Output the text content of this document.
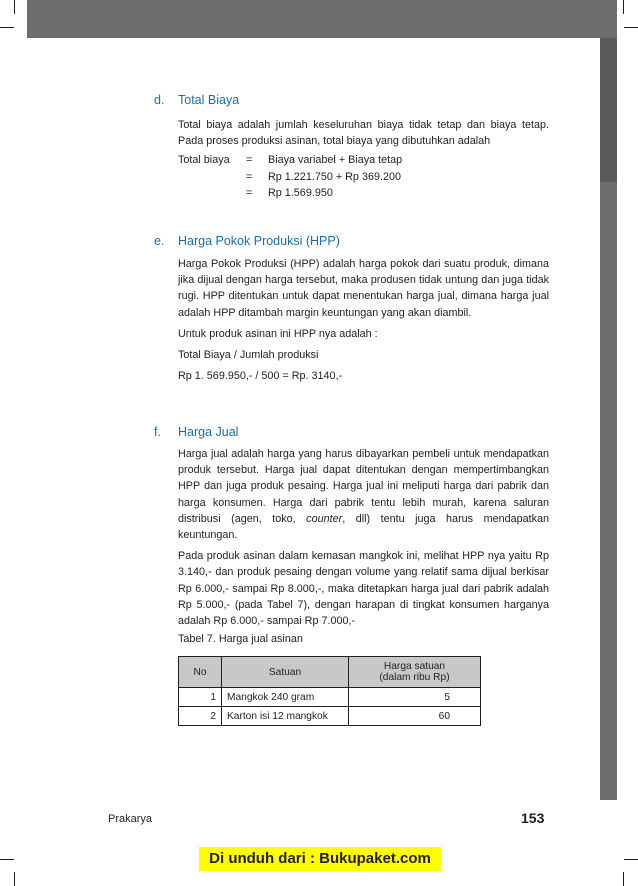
d. Total Biaya

Total biaya adalah jumlah keseluruhan biaya tidak tetap dan biaya tetap. Pada proses produksi asinan, total biaya yang dibutuhkan adalah

Total biaya	=	Biaya variabel + Biaya tetap
=	Rp 1.221.750 + Rp 369.200
=	Rp 1.569.950
e. Harga Pokok Produksi (HPP)

Harga Pokok Produksi (HPP) adalah harga pokok dari suatu produk, dimana jika dijual dengan harga tersebut, maka produsen tidak untung dan juga tidak rugi. HPP ditentukan untuk dapat menentukan harga jual, dimana harga jual adalah HPP ditambah margin keuntungan yang akan diambil.

Untuk produk asinan ini HPP nya adalah :

Total Biaya / Jumlah produksi

Rp 1. 569.950,- / 500 = Rp. 3140,-

f. Harga Jual

Harga jual adalah harga yang harus dibayarkan pembeli untuk mendapatkan produk tersebut. Harga jual dapat ditentukan dengan mempertimbangkan HPP dan juga produk pesaing. Harga jual ini meliputi harga dari pabrik dan harga konsumen. Harga dari pabrik tentu lebih murah, karena saluran distribusi (agen, toko, counter, dll) tentu juga harus mendapatkan keuntungan.

Pada produk asinan dalam kemasan mangkok ini, melihat HPP nya yaitu Rp 3.140,- dan produk pesaing dengan volume yang relatif sama dijual berkisar Rp 6.000,- sampai Rp 8.000,-, maka ditetapkan harga jual dari pabrik adalah Rp 5.000,- (pada Tabel 7), dengan harapan di tingkat konsumen harganya adalah Rp 6.000,- sampai Rp 7.000,-

Tabel 7. Harga jual asinan
No	Satuan	Harga satuan
(dalam ribu Rp)
1	Mangkok 240 gram	5
2	Karton isi 12 mangkok	60
Prakarya	153
Di unduh dari : Bukupaket.com
